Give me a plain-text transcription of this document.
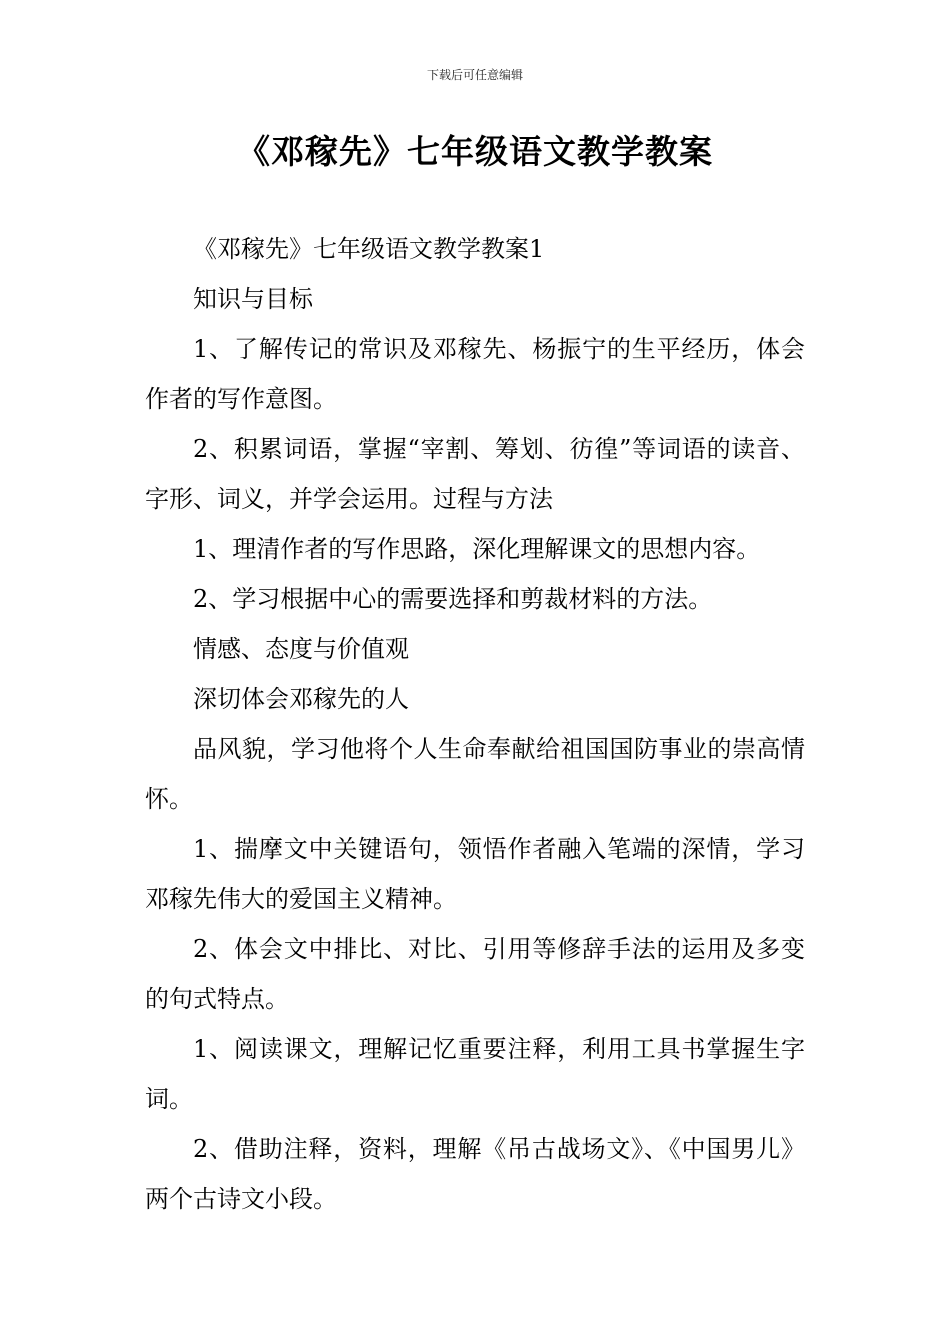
下载后可任意编辑
《邓稼先》七年级语文教学教案

《邓稼先》七年级语文教学教案1

知识与目标

1、了解传记的常识及邓稼先、杨振宁的生平经历，体会作者的写作意图。

2、积累词语，掌握“宰割、筹划、彷徨”等词语的读音、字形、词义，并学会运用。过程与方法

1、理清作者的写作思路，深化理解课文的思想内容。

2、学习根据中心的需要选择和剪裁材料的方法。

情感、态度与价值观

深切体会邓稼先的人

品风貌，学习他将个人生命奉献给祖国国防事业的崇高情怀。

1、揣摩文中关键语句，领悟作者融入笔端的深情，学习邓稼先伟大的爱国主义精神。

2、体会文中排比、对比、引用等修辞手法的运用及多变的句式特点。

1、阅读课文，理解记忆重要注释，利用工具书掌握生字词。

2、借助注释，资料，理解《吊古战场文》、《中国男儿》两个古诗文小段。
